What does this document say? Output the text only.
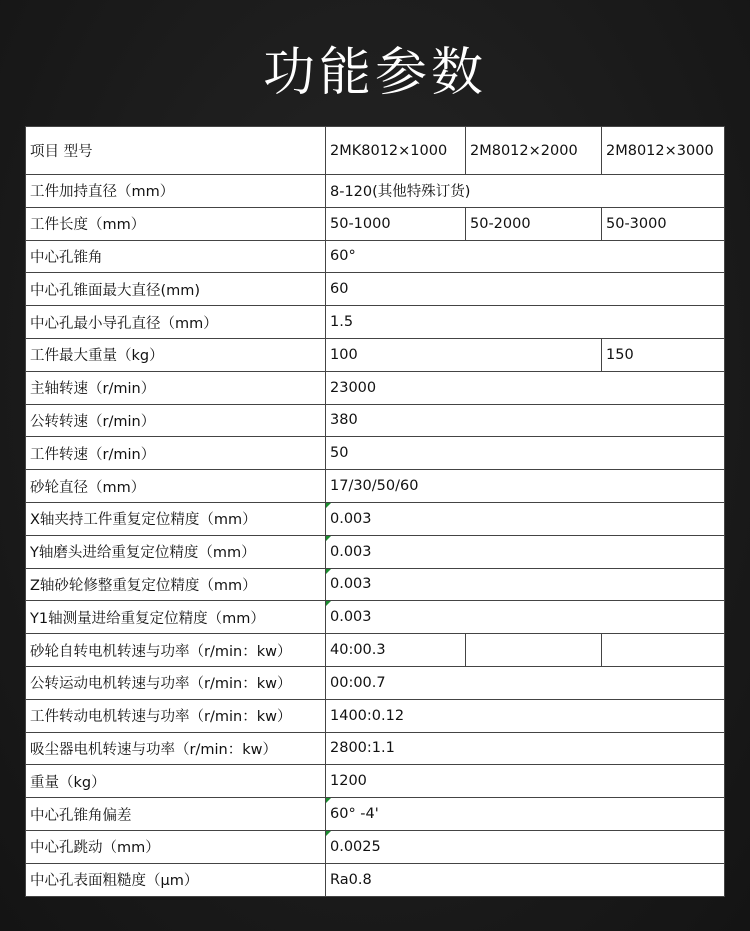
功能参数
项目 型号	2MK8012×1000	2M8012×2000	2M8012×3000
工件加持直径（mm）	8-120(其他特殊订货)		
工件长度（mm）	50-1000	50-2000	50-3000
中心孔锥角	60°		
中心孔锥面最大直径(mm)	60		
中心孔最小导孔直径（mm）	1.5		
工件最大重量（kg）	100		150
主轴转速（r/min）	23000		
公转转速（r/min）	380		
工件转速（r/min）	50		
砂轮直径（mm）	17/30/50/60		
X轴夹持工件重复定位精度（mm）	0.003		
Y轴磨头进给重复定位精度（mm）	0.003		
Z轴砂轮修整重复定位精度（mm）	0.003		
Y1轴测量进给重复定位精度（mm）	0.003		
砂轮自转电机转速与功率（r/min：kw）	40:00.3		
公转运动电机转速与功率（r/min：kw）	00:00.7		
工件转动电机转速与功率（r/min：kw）	1400:0.12		
吸尘器电机转速与功率（r/min：kw）	2800:1.1		
重量（kg）	1200		
中心孔锥角偏差	60° -4'		
中心孔跳动（mm）	0.0025		
中心孔表面粗糙度（μm）	Ra0.8		
